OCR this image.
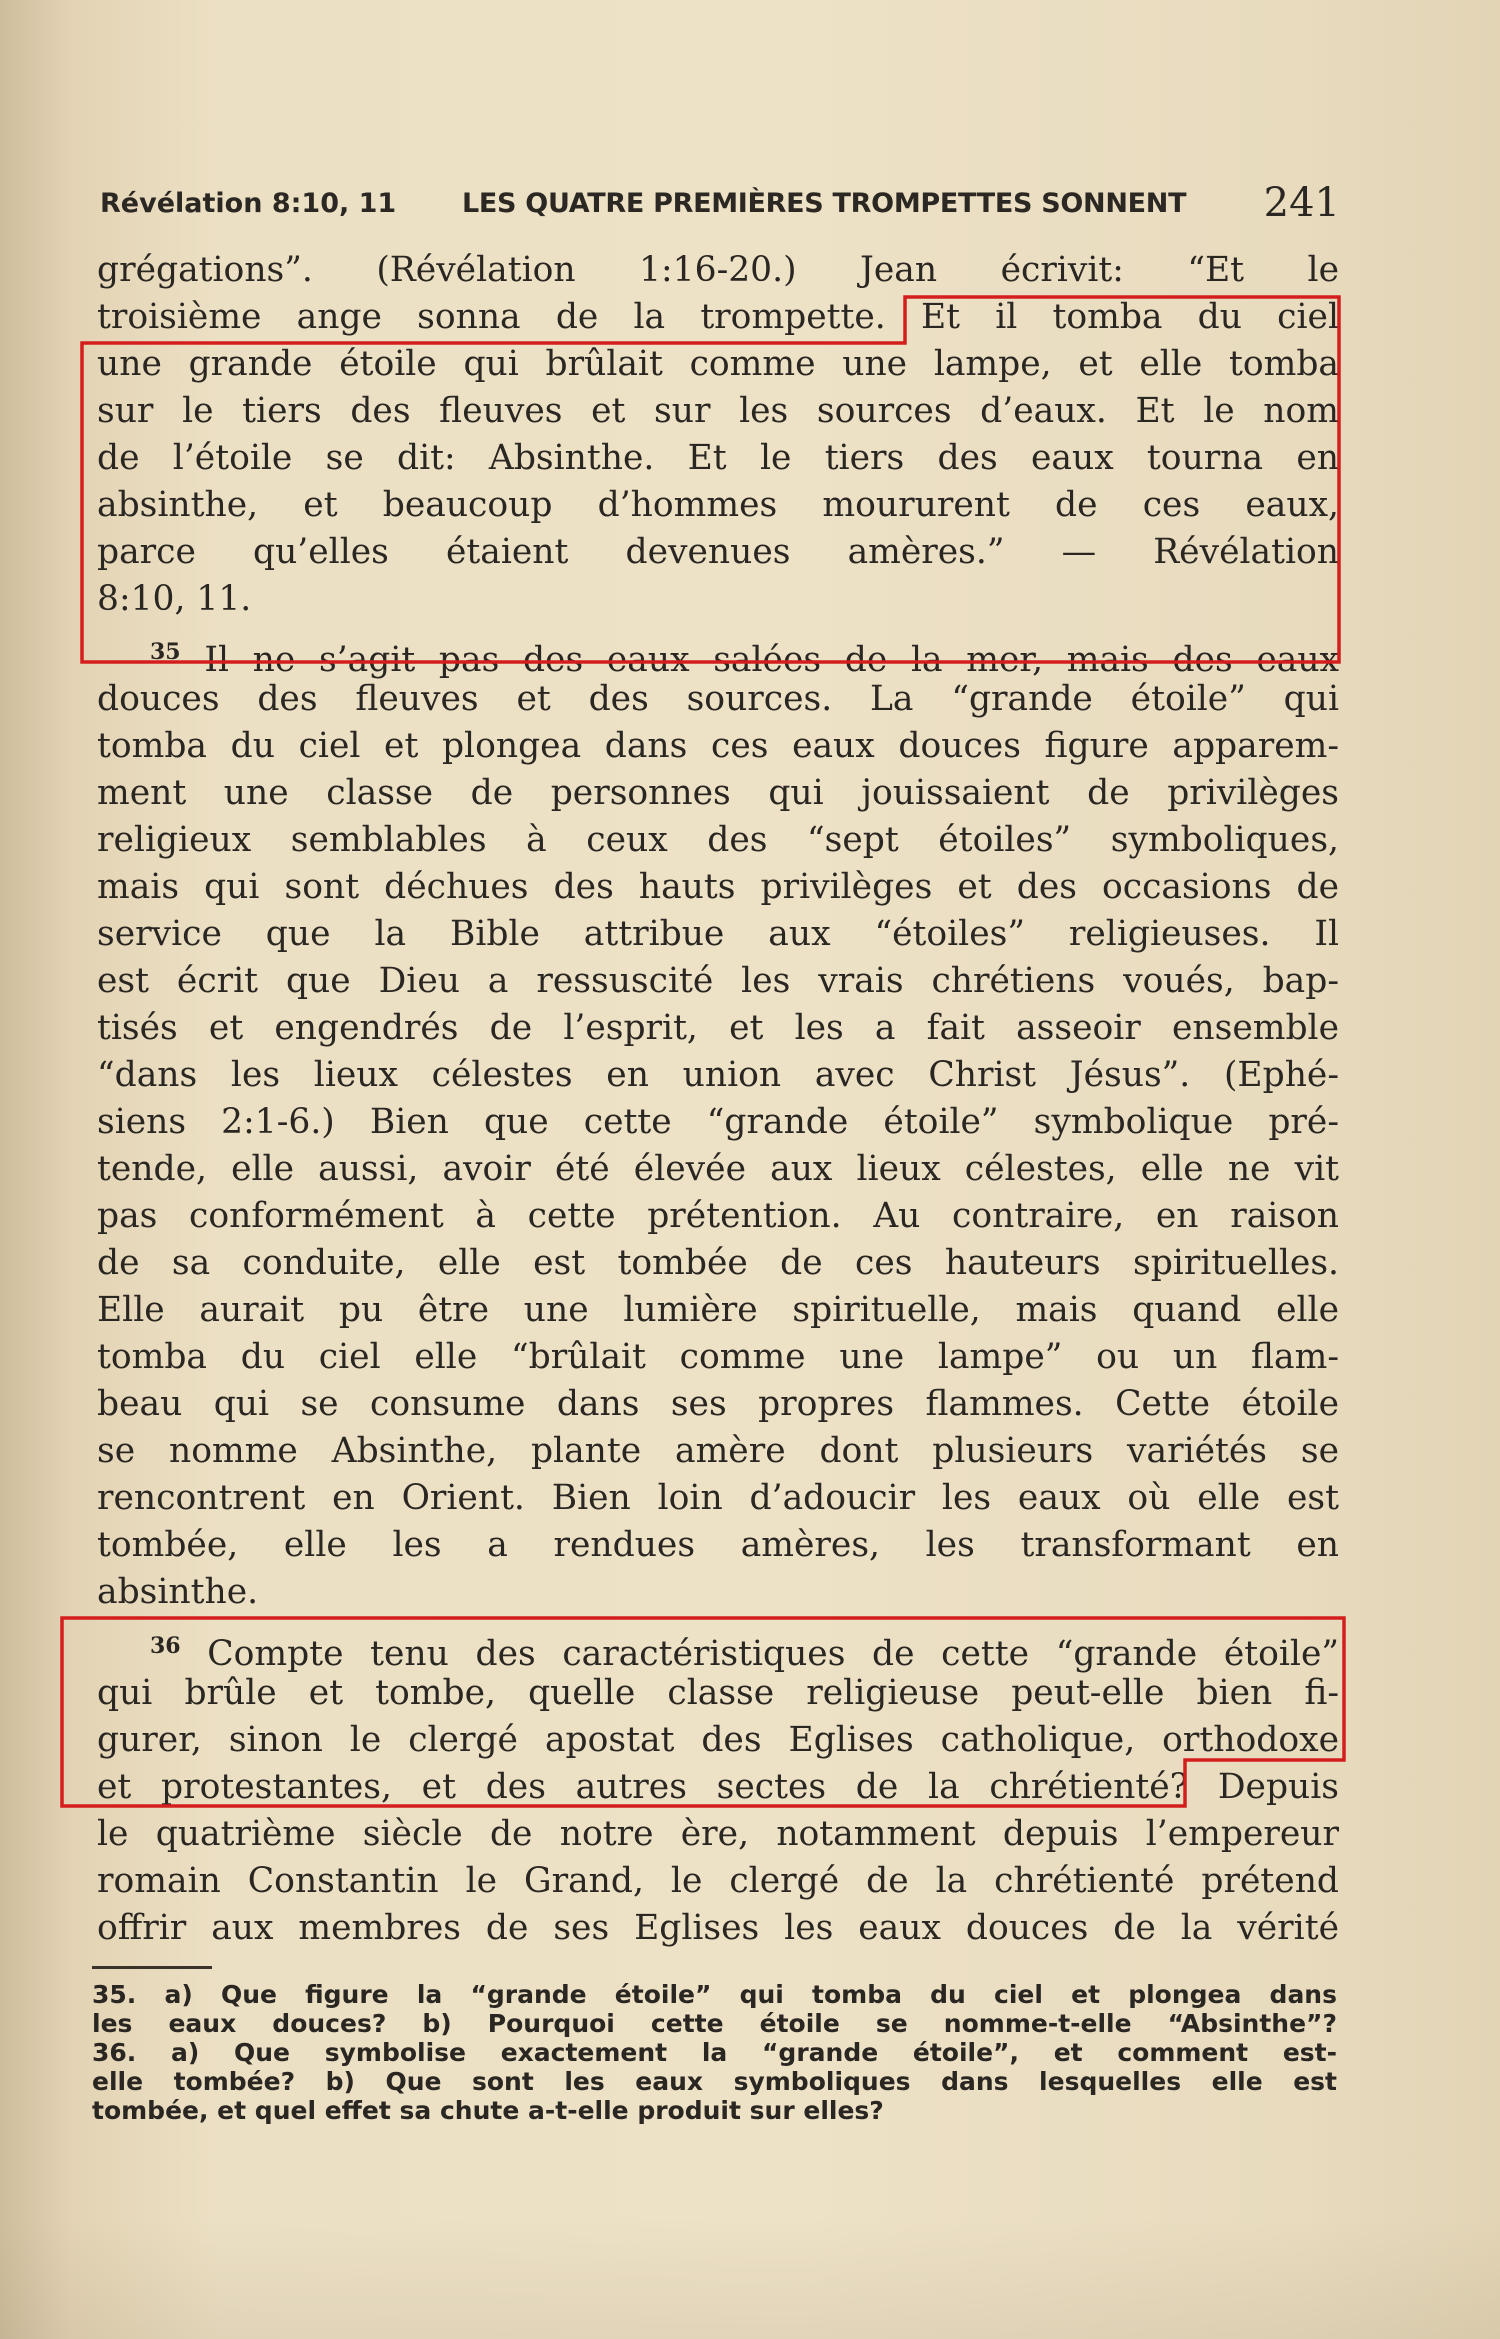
Révélation 8:10, 11 LES QUATRE PREMIÈRES TROMPETTES SONNENT 241
grégations”. (Révélation 1:16-20.) Jean écrivit: “Et le
troisième ange sonna de la trompette. Et il tomba du ciel
une grande étoile qui brûlait comme une lampe, et elle tomba
sur le tiers des fleuves et sur les sources d’eaux. Et le nom
de l’étoile se dit: Absinthe. Et le tiers des eaux tourna en
absinthe, et beaucoup d’hommes moururent de ces eaux,
parce qu’elles étaient devenues amères.” — Révélation
8:10, 11.
$^{35}$ Il ne s’agit pas des eaux salées de la mer, mais des eaux
douces des fleuves et des sources. La “grande étoile” qui
tomba du ciel et plongea dans ces eaux douces figure apparem-
ment une classe de personnes qui jouissaient de privilèges
religieux semblables à ceux des “sept étoiles” symboliques,
mais qui sont déchues des hauts privilèges et des occasions de
service que la Bible attribue aux “étoiles” religieuses. Il
est écrit que Dieu a ressuscité les vrais chrétiens voués, bap-
tisés et engendrés de l’esprit, et les a fait asseoir ensemble
“dans les lieux célestes en union avec Christ Jésus”. (Ephé-
siens 2:1-6.) Bien que cette “grande étoile” symbolique pré-
tende, elle aussi, avoir été élevée aux lieux célestes, elle ne vit
pas conformément à cette prétention. Au contraire, en raison
de sa conduite, elle est tombée de ces hauteurs spirituelles.
Elle aurait pu être une lumière spirituelle, mais quand elle
tomba du ciel elle “brûlait comme une lampe” ou un flam-
beau qui se consume dans ses propres flammes. Cette étoile
se nomme Absinthe, plante amère dont plusieurs variétés se
rencontrent en Orient. Bien loin d’adoucir les eaux où elle est
tombée, elle les a rendues amères, les transformant en
absinthe.
$^{36}$ Compte tenu des caractéristiques de cette “grande étoile”
qui brûle et tombe, quelle classe religieuse peut-elle bien fi-
gurer, sinon le clergé apostat des Eglises catholique, orthodoxe
et protestantes, et des autres sectes de la chrétienté? Depuis
le quatrième siècle de notre ère, notamment depuis l’empereur
romain Constantin le Grand, le clergé de la chrétienté prétend
offrir aux membres de ses Eglises les eaux douces de la vérité
35. a) Que figure la “grande étoile” qui tomba du ciel et plongea dans
les eaux douces? b) Pourquoi cette étoile se nomme-t-elle “Absinthe”?
36. a) Que symbolise exactement la “grande étoile”, et comment est-
elle tombée? b) Que sont les eaux symboliques dans lesquelles elle est
tombée, et quel effet sa chute a-t-elle produit sur elles?
